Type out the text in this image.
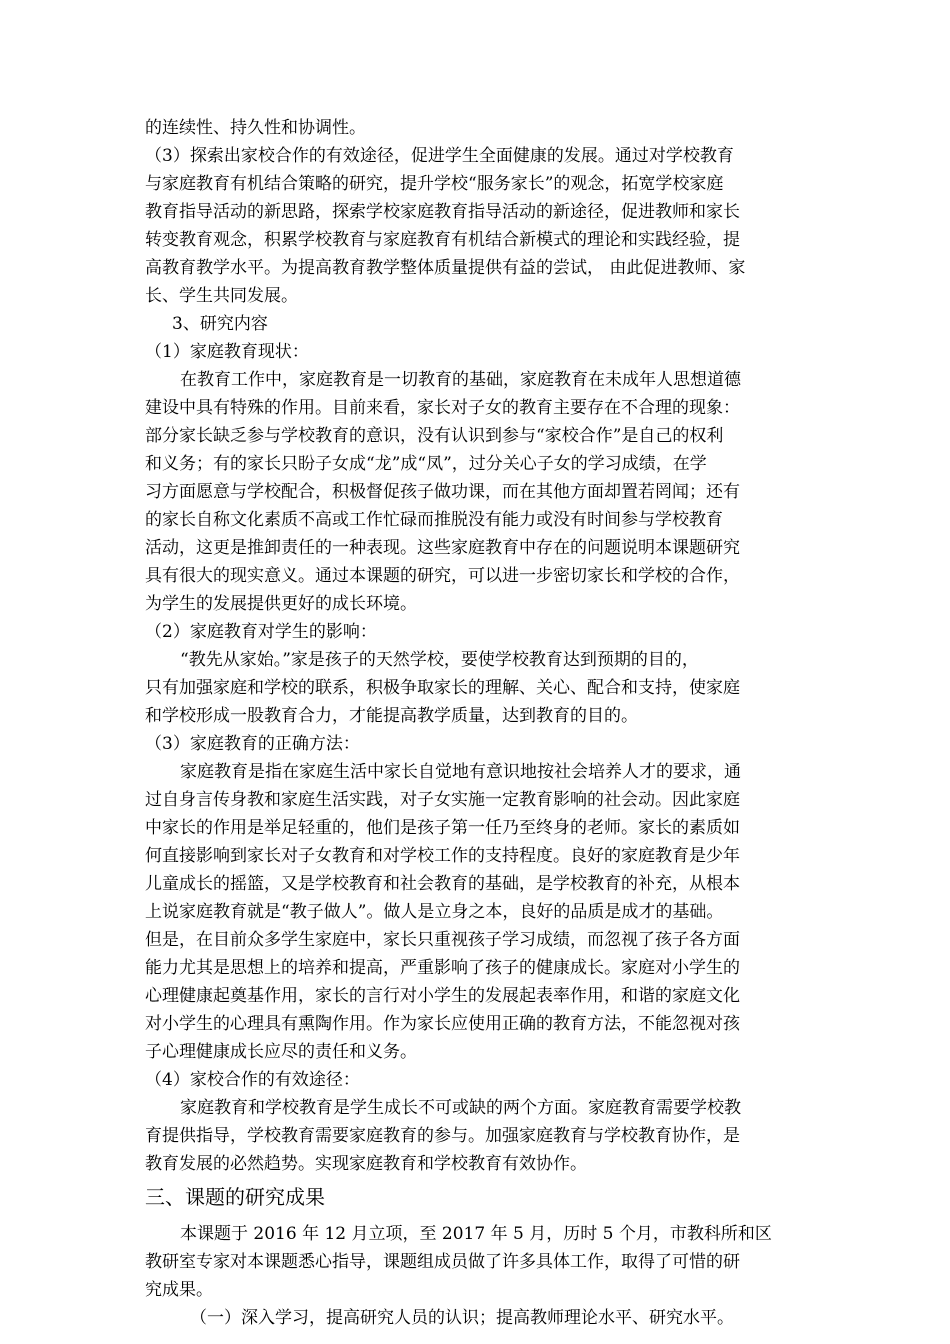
的连续性、持久性和协调性。
（3）探索出家校合作的有效途径，促进学生全面健康的发展。通过对学校教育
与家庭教育有机结合策略的研究，提升学校“服务家长”的观念，拓宽学校家庭
教育指导活动的新思路，探索学校家庭教育指导活动的新途径，促进教师和家长
转变教育观念，积累学校教育与家庭教育有机结合新模式的理论和实践经验，提
高教育教学水平。为提高教育教学整体质量提供有益的尝试， 由此促进教师、家
长、学生共同发展。
3、研究内容
（1）家庭教育现状：
在教育工作中，家庭教育是一切教育的基础，家庭教育在未成年人思想道德
建设中具有特殊的作用。目前来看，家长对子女的教育主要存在不合理的现象：
部分家长缺乏参与学校教育的意识，没有认识到参与“家校合作”是自己的权利
和义务；有的家长只盼子女成“龙”成“凤”，过分关心子女的学习成绩，在学
习方面愿意与学校配合，积极督促孩子做功课，而在其他方面却置若罔闻；还有
的家长自称文化素质不高或工作忙碌而推脱没有能力或没有时间参与学校教育
活动，这更是推卸责任的一种表现。这些家庭教育中存在的问题说明本课题研究
具有很大的现实意义。通过本课题的研究，可以进一步密切家长和学校的合作，
为学生的发展提供更好的成长环境。
（2）家庭教育对学生的影响：
“教先从家始。”家是孩子的天然学校，要使学校教育达到预期的目的，
只有加强家庭和学校的联系，积极争取家长的理解、关心、配合和支持，使家庭
和学校形成一股教育合力，才能提高教学质量，达到教育的目的。
（3）家庭教育的正确方法：
家庭教育是指在家庭生活中家长自觉地有意识地按社会培养人才的要求，通
过自身言传身教和家庭生活实践，对子女实施一定教育影响的社会动。因此家庭
中家长的作用是举足轻重的，他们是孩子第一任乃至终身的老师。家长的素质如
何直接影响到家长对子女教育和对学校工作的支持程度。良好的家庭教育是少年
儿童成长的摇篮，又是学校教育和社会教育的基础，是学校教育的补充，从根本
上说家庭教育就是“教子做人”。做人是立身之本，良好的品质是成才的基础。
但是，在目前众多学生家庭中，家长只重视孩子学习成绩，而忽视了孩子各方面
能力尤其是思想上的培养和提高，严重影响了孩子的健康成长。家庭对小学生的
心理健康起奠基作用，家长的言行对小学生的发展起表率作用，和谐的家庭文化
对小学生的心理具有熏陶作用。作为家长应使用正确的教育方法，不能忽视对孩
子心理健康成长应尽的责任和义务。
（4）家校合作的有效途径：
家庭教育和学校教育是学生成长不可或缺的两个方面。家庭教育需要学校教
育提供指导，学校教育需要家庭教育的参与。加强家庭教育与学校教育协作，是
教育发展的必然趋势。实现家庭教育和学校教育有效协作。
三、课题的研究成果
本课题于 2016 年 12 月立项，至 2017 年 5 月，历时 5 个月，市教科所和区
教研室专家对本课题悉心指导，课题组成员做了许多具体工作，取得了可惜的研
究成果。
（一）深入学习，提高研究人员的认识；提高教师理论水平、研究水平。
